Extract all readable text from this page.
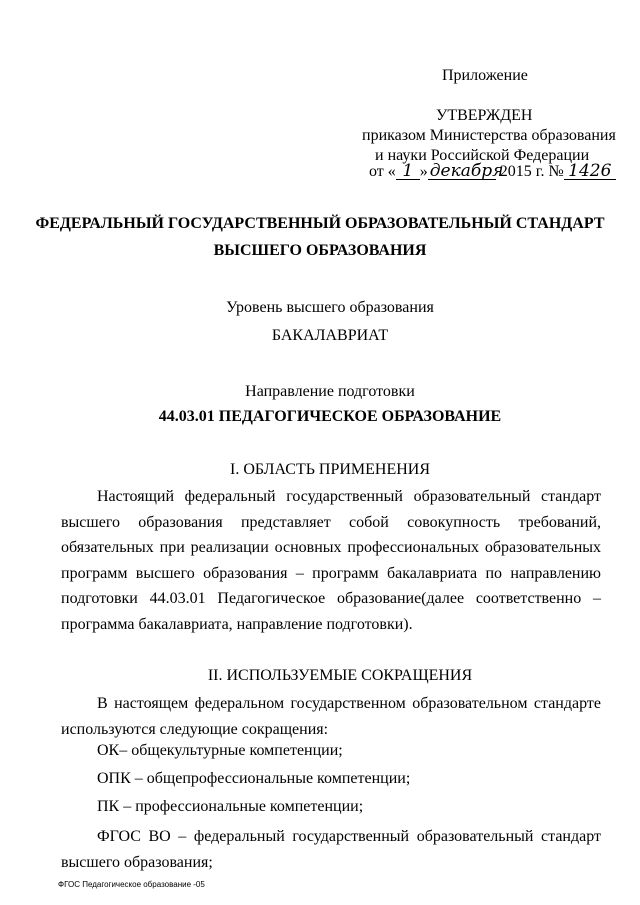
Приложение
УТВЕРЖДЕН
приказом Министерства образования
и науки Российской Федерации
от « 1 » декабря 2015 г. № 1426
ФЕДЕРАЛЬНЫЙ ГОСУДАРСТВЕННЫЙ ОБРАЗОВАТЕЛЬНЫЙ СТАНДАРТ
ВЫСШЕГО ОБРАЗОВАНИЯ
Уровень высшего образования
БАКАЛАВРИАТ
Направление подготовки
44.03.01 ПЕДАГОГИЧЕСКОЕ ОБРАЗОВАНИЕ
I. ОБЛАСТЬ ПРИМЕНЕНИЯ
Настоящий федеральный государственный образовательный стандарт высшего образования представляет собой совокупность требований, обязательных при реализации основных профессиональных образовательных программ высшего образования – программ бакалавриата по направлению подготовки 44.03.01 Педагогическое образование(далее соответственно – программа бакалавриата, направление подготовки).
II. ИСПОЛЬЗУЕМЫЕ СОКРАЩЕНИЯ
В настоящем федеральном государственном образовательном стандарте используются следующие сокращения:
ОК– общекультурные компетенции;
ОПК – общепрофессиональные компетенции;
ПК – профессиональные компетенции;
ФГОС ВО – федеральный государственный образовательный стандарт высшего образования;
ФГОС Педагогическое образование -05
